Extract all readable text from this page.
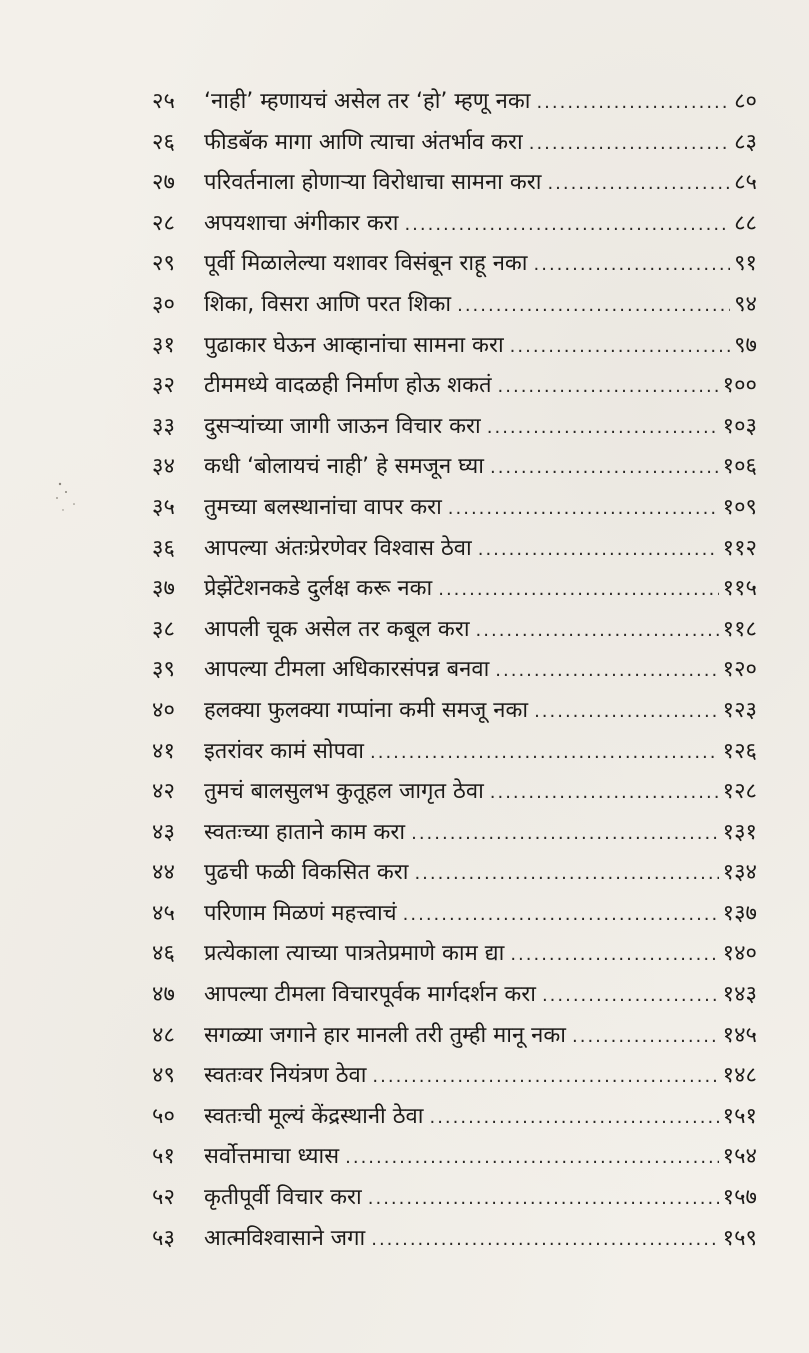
२५	‘नाही’ म्हणायचं असेल तर ‘हो’ म्हणू नका .....	८०
२६	फीडबॅक मागा आणि त्याचा अंतर्भाव करा .....	८३
२७	परिवर्तनाला होणाऱ्या विरोधाचा सामना करा .....	८५
२८	अपयशाचा अंगीकार करा .....	८८
२९	पूर्वी मिळालेल्या यशावर विसंबून राहू नका .....	९१
३०	शिका, विसरा आणि परत शिका .....	९४
३१	पुढाकार घेऊन आव्हानांचा सामना करा .....	९७
३२	टीममध्ये वादळही निर्माण होऊ शकतं .....	१००
३३	दुसऱ्यांच्या जागी जाऊन विचार करा .....	१०३
३४	कधी ‘बोलायचं नाही’ हे समजून घ्या .....	१०६
३५	तुमच्या बलस्थानांचा वापर करा .....	१०९
३६	आपल्या अंतःप्रेरणेवर विश्वास ठेवा .....	११२
३७	प्रेझेंटेशनकडे दुर्लक्ष करू नका .....	११५
३८	आपली चूक असेल तर कबूल करा .....	११८
३९	आपल्या टीमला अधिकारसंपन्न बनवा .....	१२०
४०	हलक्या फुलक्या गप्पांना कमी समजू नका .....	१२३
४१	इतरांवर कामं सोपवा .....	१२६
४२	तुमचं बालसुलभ कुतूहल जागृत ठेवा .....	१२८
४३	स्वतःच्या हाताने काम करा .....	१३१
४४	पुढची फळी विकसित करा .....	१३४
४५	परिणाम मिळणं महत्त्वाचं .....	१३७
४६	प्रत्येकाला त्याच्या पात्रतेप्रमाणे काम द्या .....	१४०
४७	आपल्या टीमला विचारपूर्वक मार्गदर्शन करा .....	१४३
४८	सगळ्या जगाने हार मानली तरी तुम्ही मानू नका .....	१४५
४९	स्वतःवर नियंत्रण ठेवा .....	१४८
५०	स्वतःची मूल्यं केंद्रस्थानी ठेवा .....	१५१
५१	सर्वोत्तमाचा ध्यास .....	१५४
५२	कृतीपूर्वी विचार करा .....	१५७
५३	आत्मविश्वासाने जगा .....	१५९
